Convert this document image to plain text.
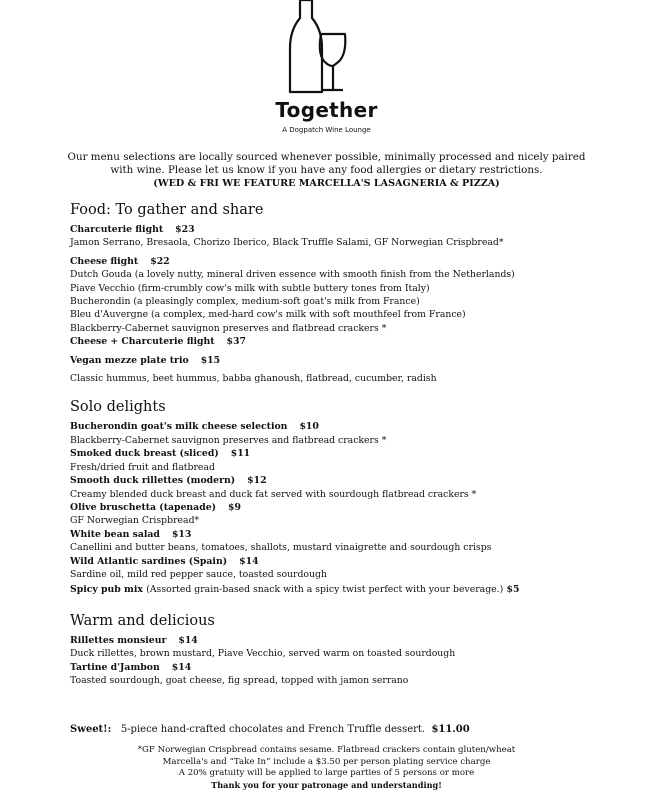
Together
A Dogpatch Wine Lounge
Our menu selections are locally sourced whenever possible, minimally processed and nicely paired with wine. Please let us know if you have any food allergies or dietary restrictions.
(WED & FRI WE FEATURE MARCELLA'S LASAGNERIA & PIZZA)
Food: To gather and share
Charcuterie flight $23
Jamon Serrano, Bresaola, Chorizo Iberico, Black Truffle Salami, GF Norwegian Crispbread*
Cheese flight $22
Dutch Gouda (a lovely nutty, mineral driven essence with smooth finish from the Netherlands)
Piave Vecchio (firm-crumbly cow's milk with subtle buttery tones from Italy)
Bucherondin (a pleasingly complex, medium-soft goat's milk from France)
Bleu d'Auvergne (a complex, med-hard cow's milk with soft mouthfeel from France)
Blackberry-Cabernet sauvignon preserves and flatbread crackers *
Cheese + Charcuterie flight $37
Vegan mezze plate trio $15
Classic hummus, beet hummus, babba ghanoush, flatbread, cucumber, radish
Solo delights
Bucherondin goat's milk cheese selection $10
Blackberry-Cabernet sauvignon preserves and flatbread crackers *
Smoked duck breast (sliced) $11
Fresh/dried fruit and flatbread
Smooth duck rillettes (modern) $12
Creamy blended duck breast and duck fat served with sourdough flatbread crackers *
Olive bruschetta (tapenade) $9
GF Norwegian Crispbread*
White bean salad $13
Canellini and butter beans, tomatoes, shallots, mustard vinaigrette and sourdough crisps
Wild Atlantic sardines (Spain) $14
Sardine oil, mild red pepper sauce, toasted sourdough
Spicy pub mix (Assorted grain-based snack with a spicy twist perfect with your beverage.) $5
Warm and delicious
Rillettes monsieur $14
Duck rillettes, brown mustard, Piave Vecchio, served warm on toasted sourdough
Tartine d'Jambon $14
Toasted sourdough, goat cheese, fig spread, topped with jamon serrano
Sweet!: 5-piece hand-crafted chocolates and French Truffle dessert. $11.00
*GF Norwegian Crispbread contains sesame. Flatbread crackers contain gluten/wheat
Marcella's and “Take In” include a $3.50 per person plating service charge
A 20% gratuity will be applied to large parties of 5 persons or more
Thank you for your patronage and understanding!
